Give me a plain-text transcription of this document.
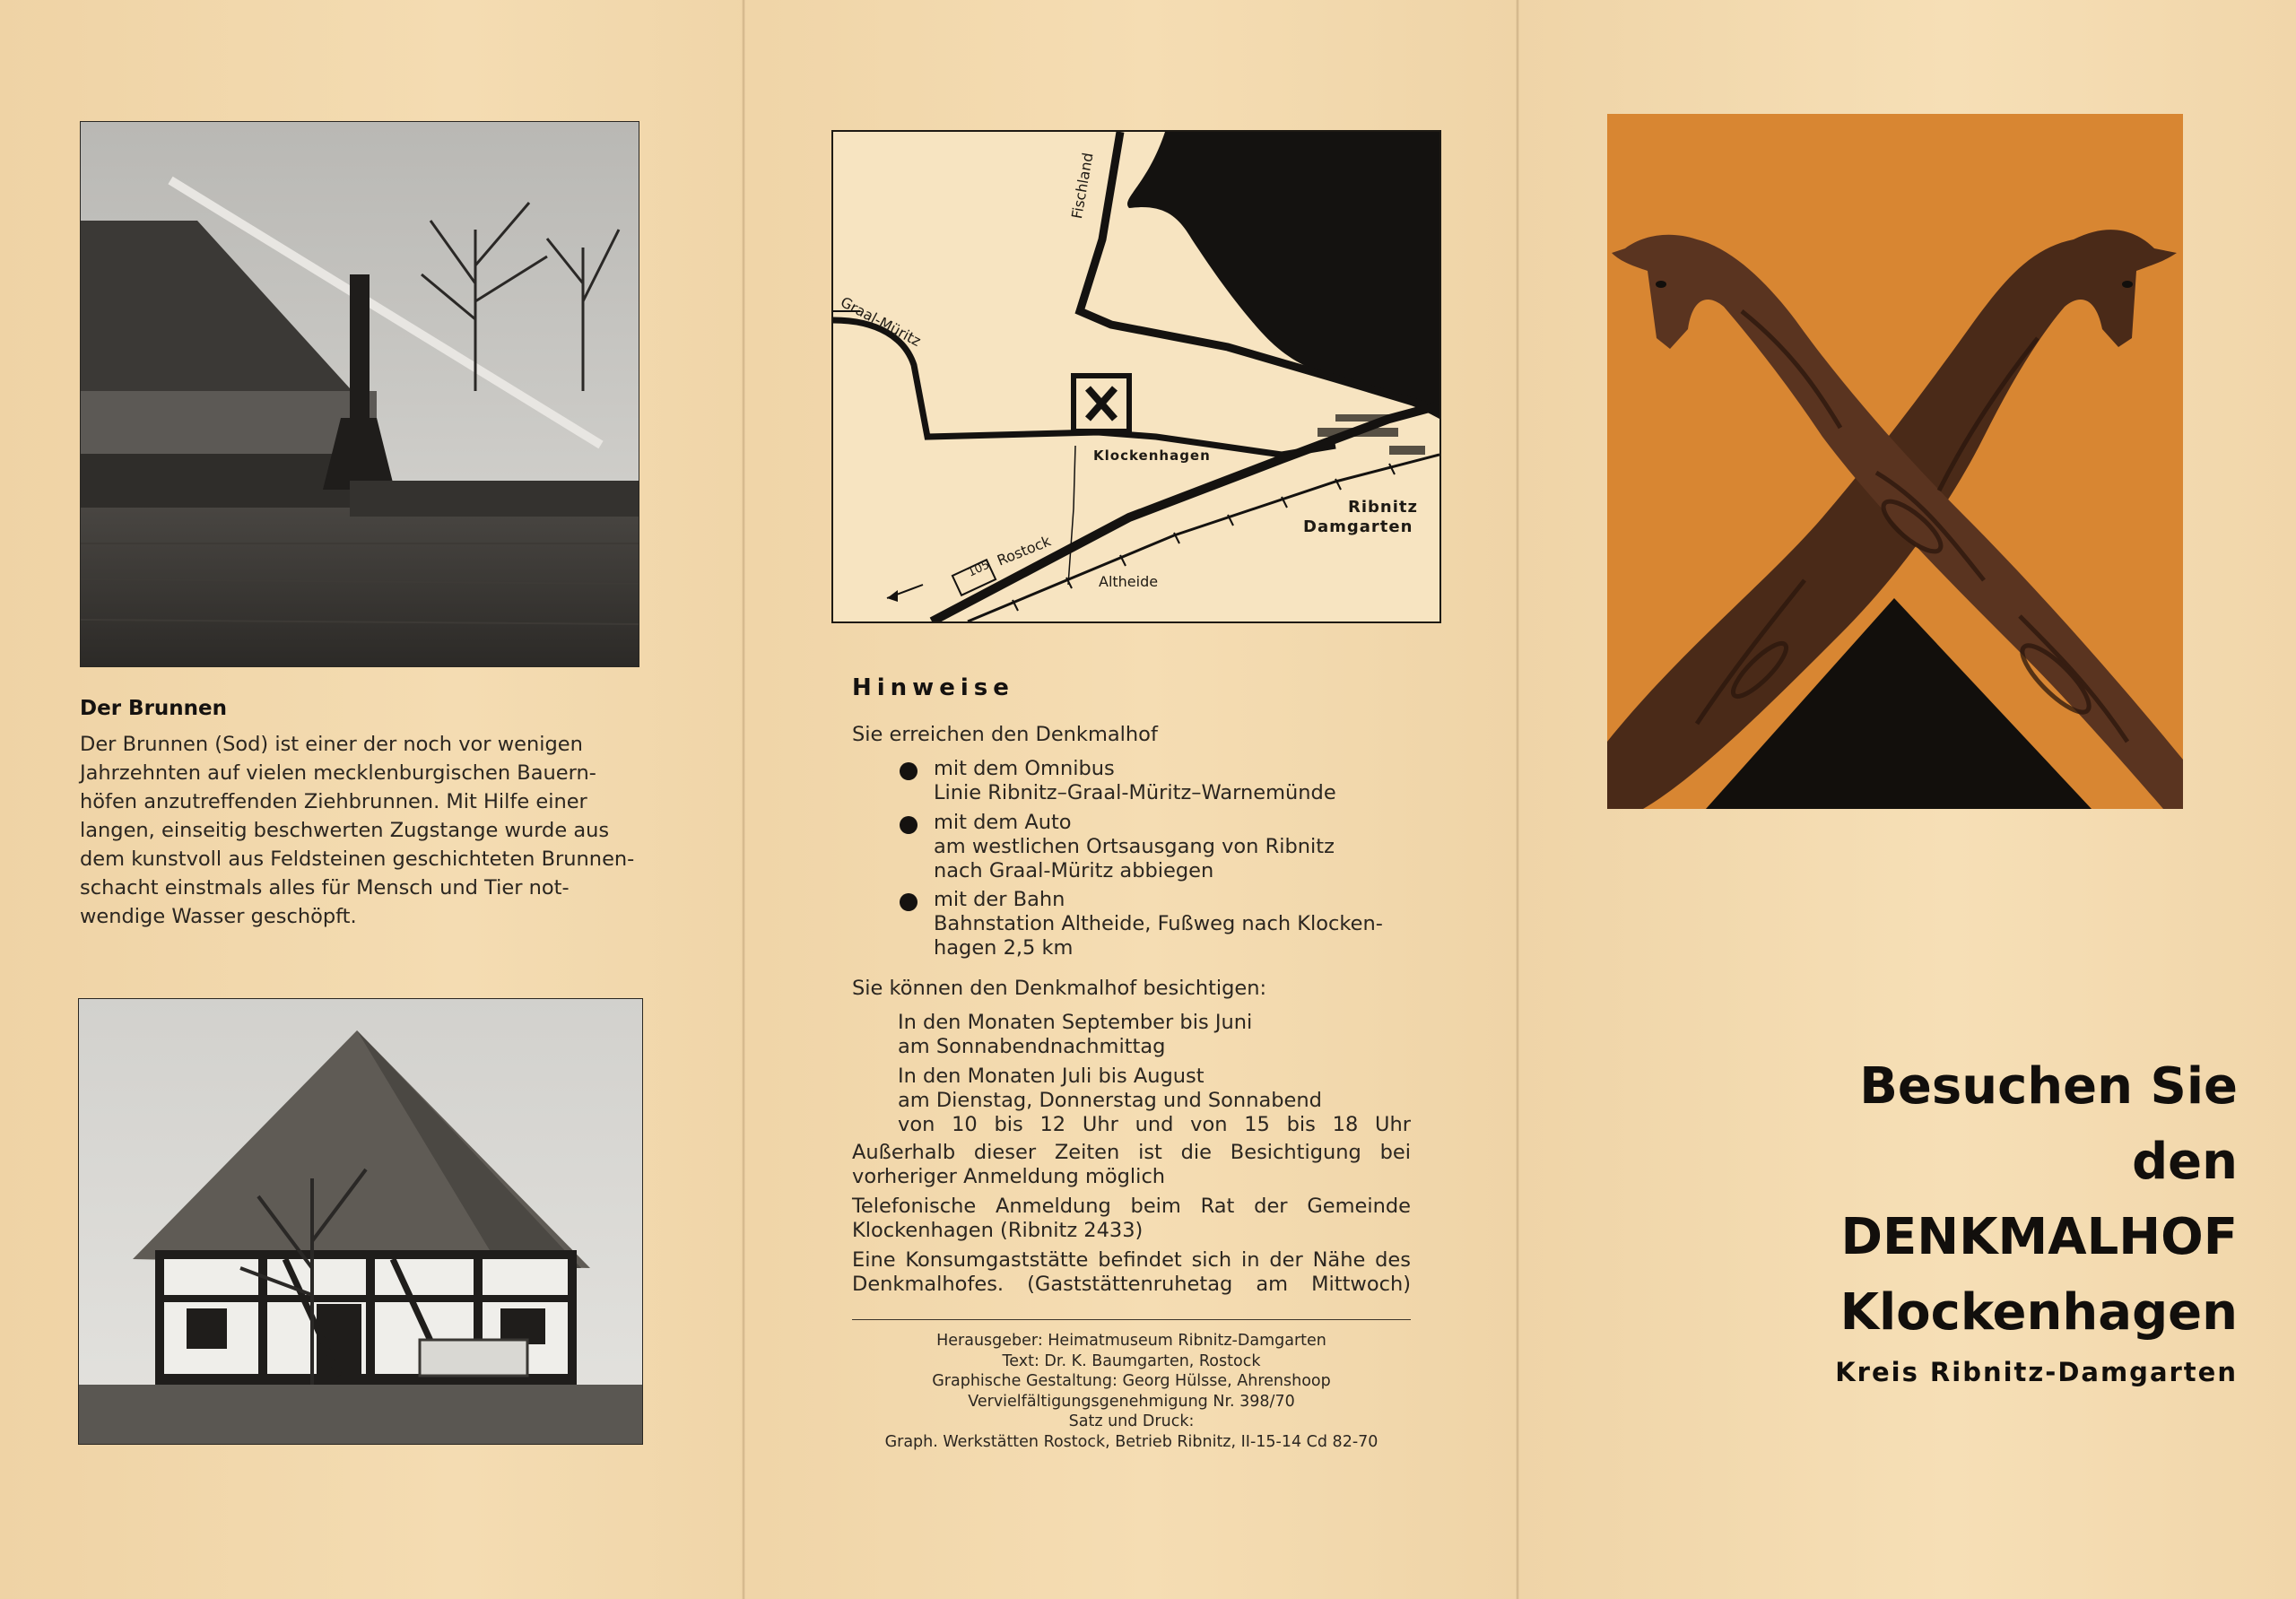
Der Brunnen
Der Brunnen (Sod) ist einer der noch vor wenigen
Jahrzehnten auf vielen mecklenburgischen Bauern-
höfen anzutreffenden Ziehbrunnen. Mit Hilfe einer
langen, einseitig beschwerten Zugstange wurde aus
dem kunstvoll aus Feldsteinen geschichteten Brunnen-
schacht einstmals alles für Mensch und Tier not-
wendige Wasser geschöpft.
Fischland
Graal-Müritz
Klockenhagen
Ribnitz
Damgarten
Rostock
105
Altheide
Hinweise
Sie erreichen den Denkmalhof
mit dem Omnibus
Linie Ribnitz–Graal-Müritz–Warnemünde
mit dem Auto
am westlichen Ortsausgang von Ribnitz
nach Graal-Müritz abbiegen
mit der Bahn
Bahnstation Altheide, Fußweg nach Klocken-
hagen 2,5 km
Sie können den Denkmalhof besichtigen:
In den Monaten September bis Juni
am Sonnabendnachmittag
In den Monaten Juli bis August
am Dienstag, Donnerstag und Sonnabend
von 10 bis 12 Uhr und von 15 bis 18 Uhr
Außerhalb dieser Zeiten ist die Besichtigung bei
vorheriger Anmeldung möglich
Telefonische Anmeldung beim Rat der Gemeinde
Klockenhagen (Ribnitz 2433)
Eine Konsumgaststätte befindet sich in der Nähe des
Denkmalhofes. (Gaststättenruhetag am Mittwoch)
Herausgeber: Heimatmuseum Ribnitz-Damgarten
Text: Dr. K. Baumgarten, Rostock
Graphische Gestaltung: Georg Hülsse, Ahrenshoop
Vervielfältigungsgenehmigung Nr. 398/70
Satz und Druck:
Graph. Werkstätten Rostock, Betrieb Ribnitz, II-15-14 Cd 82-70
Besuchen Sie
den
DENKMALHOF
Klockenhagen
Kreis Ribnitz-Damgarten
